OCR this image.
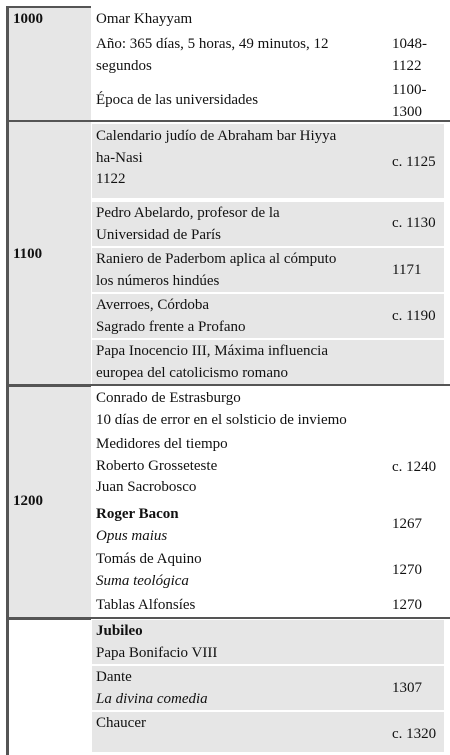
1000
1100
1200
Omar Khayyam
Año: 365 días, 5 horas, 49 minutos, 12
segundos
1048-
1122
Época de las universidades
1100-
1300
Calendario judío de Abraham bar Hiyya
ha-Nasi
1122
c. 1125
Pedro Abelardo, profesor de la
Universidad de París
c. 1130
Raniero de Paderbom aplica al cómputo
los números hindúes
1171
Averroes, Córdoba
Sagrado frente a Profano
c. 1190
Papa Inocencio III, Máxima influencia
europea del catolicismo romano
Conrado de Estrasburgo
10 días de error en el solsticio de inviemo
Medidores del tiempo
Roberto Grosseteste
Juan Sacrobosco
c. 1240
Roger Bacon
Opus maius
1267
Tomás de Aquino
Suma teológica
1270
Tablas Alfonsíes	1270
Jubileo
Papa Bonifacio VIII
Dante
La divina comedia
1307
Chaucer
c. 1320
